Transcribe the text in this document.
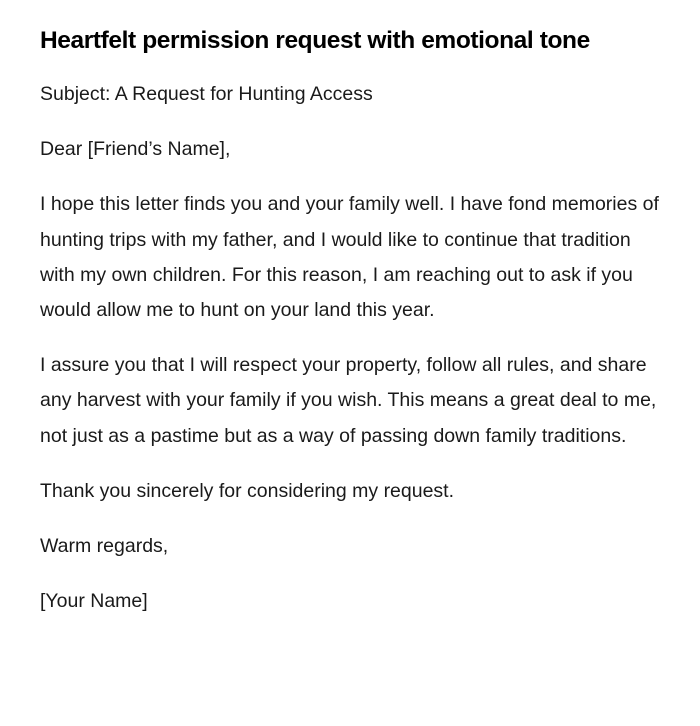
Heartfelt permission request with emotional tone

Subject: A Request for Hunting Access

Dear [Friend’s Name],

I hope this letter finds you and your family well. I have fond memories of hunting trips with my father, and I would like to continue that tradition with my own children. For this reason, I am reaching out to ask if you would allow me to hunt on your land this year.

I assure you that I will respect your property, follow all rules, and share any harvest with your family if you wish. This means a great deal to me, not just as a pastime but as a way of passing down family traditions.

Thank you sincerely for considering my request.

Warm regards,

[Your Name]
